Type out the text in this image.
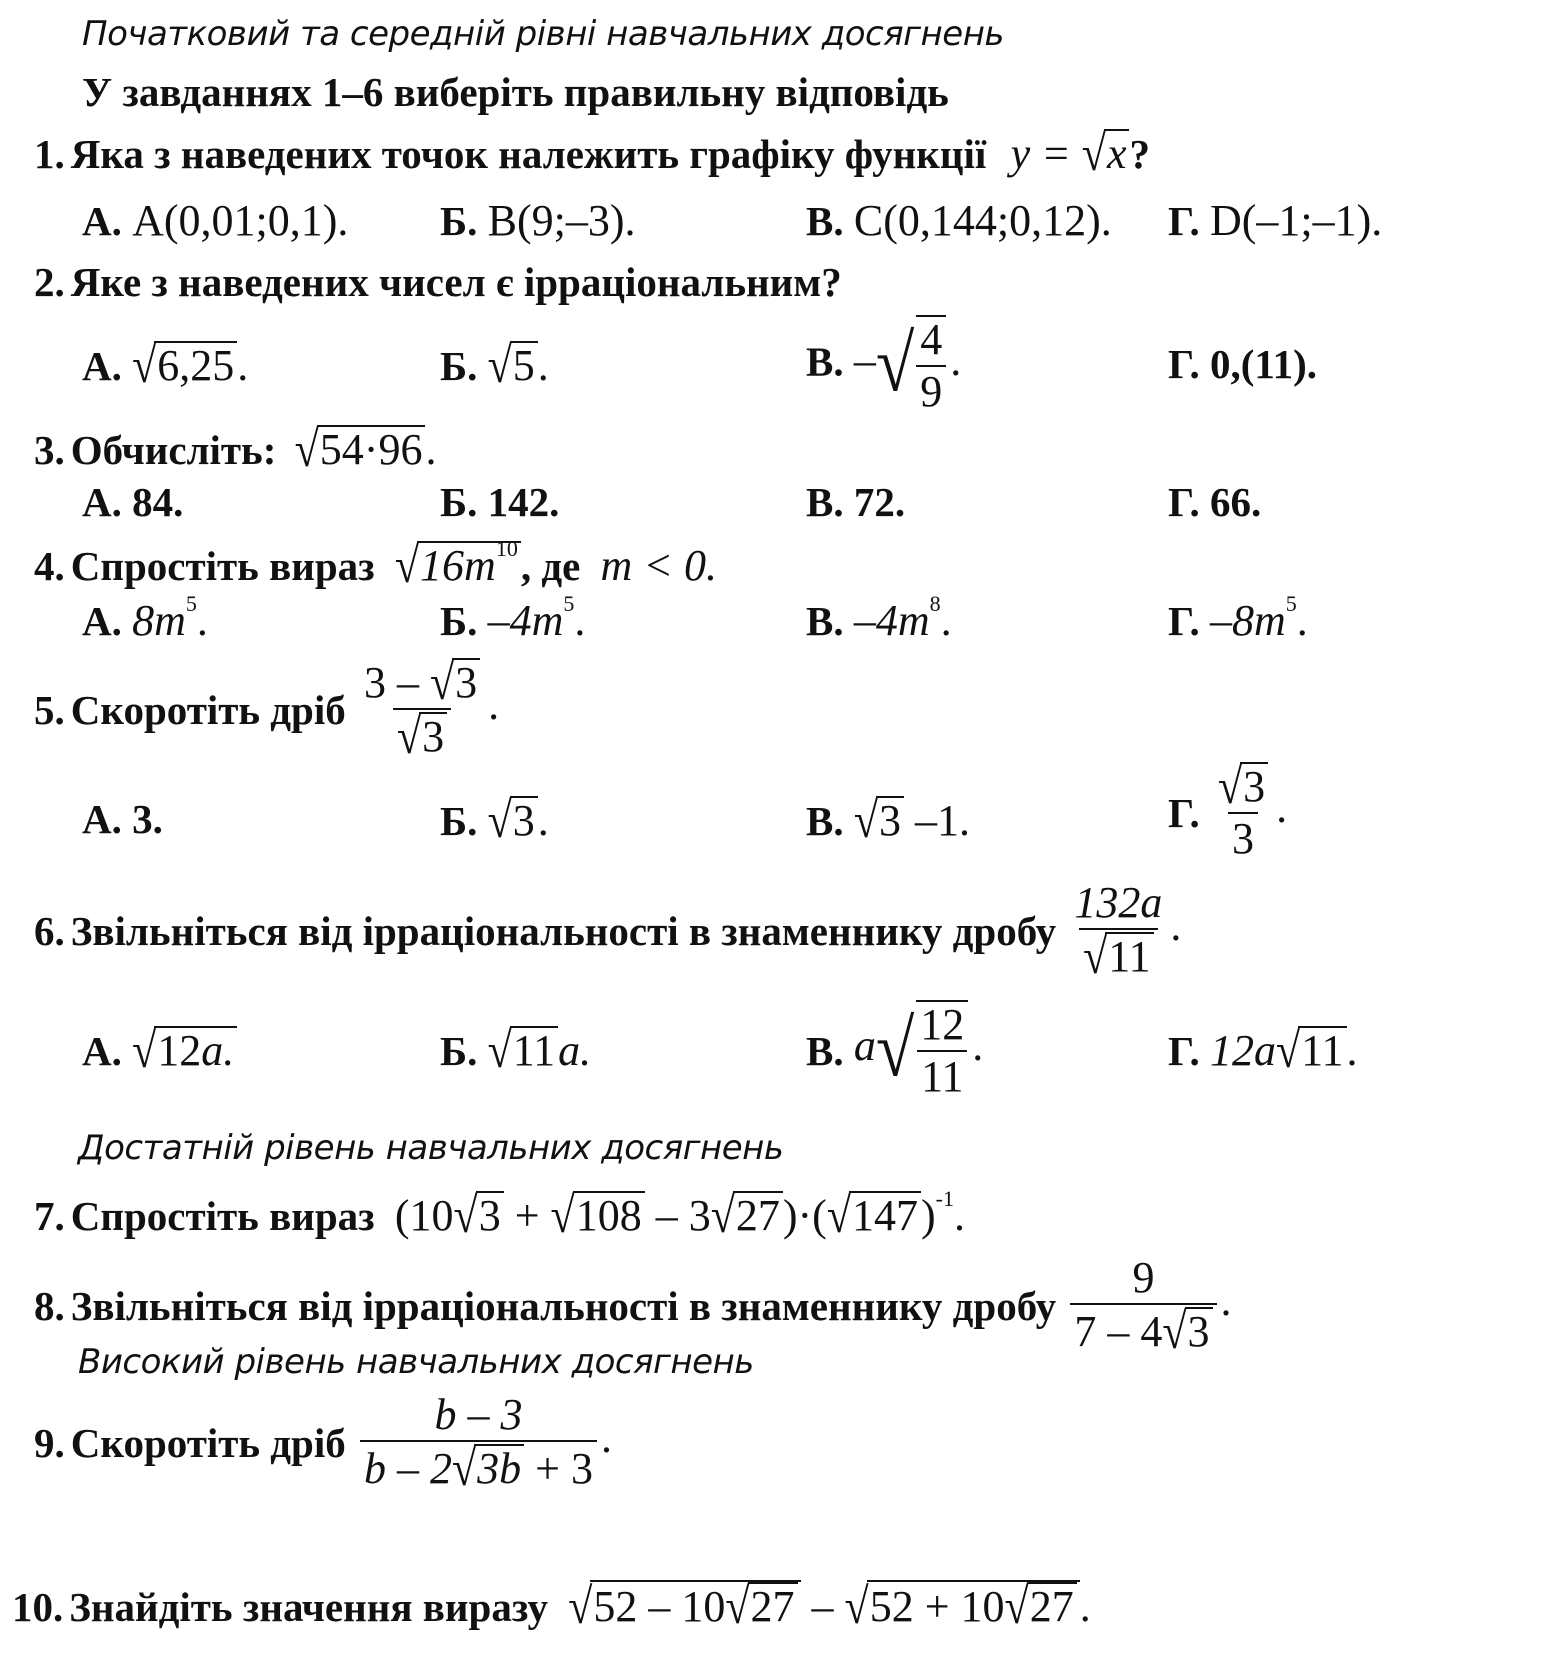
Початковий та середній рівні навчальних досягнень
У завданнях 1–6 виберіть правильну відповідь
1. Яка з наведених точок належить графіку функції y = √x?
А. A(0,01;0,1). Б. B(9;–3).	В. C(0,144;0,12). Г. D(–1;–1).
2. Яке з наведених чисел є ірраціональним?
А. √6,25.	Б. √5.	В. –√ $\frac{4}{9}$ .	Г. 0,(11).
3. Обчисліть: √54·96.
А. 84.	Б. 142.	В. 72.	Г. 66.
4. Спростіть вираз $√16m^{10}$, де m < 0.
А. $8m^5$.	Б. $-4m^5$.	В. $-4m^8$.	Г. $-8m^5$.
5. Скоротіть дріб $\frac{3 - √3}{√3}$ .
А. 3.	Б. √3.	В. √3 –1.	Г. $\frac{√3}{3}$ .
6. Звільніться від ірраціональності в знаменнику дробу $\frac{132a}{√11}$ .
А. √12a.	Б. √11a.	В. $a√ \frac{12}{11}$ .	Г. 12a√11.
Достатній рівень навчальних досягнень
7. Спростіть вираз $(10√3 + √108 - 3√27)\cdot(√147)^{-1}$.
8. Звільніться від ірраціональності в знаменнику дробу $\frac{9}{7 - 4√3}$ .
Високий рівень навчальних досягнень
9. Скоротіть дріб $\frac{b - 3}{b - 2√3b + 3}$ .
10. Знайдіть значення виразу √52 – 10√27 – √52 + 10√27 .
